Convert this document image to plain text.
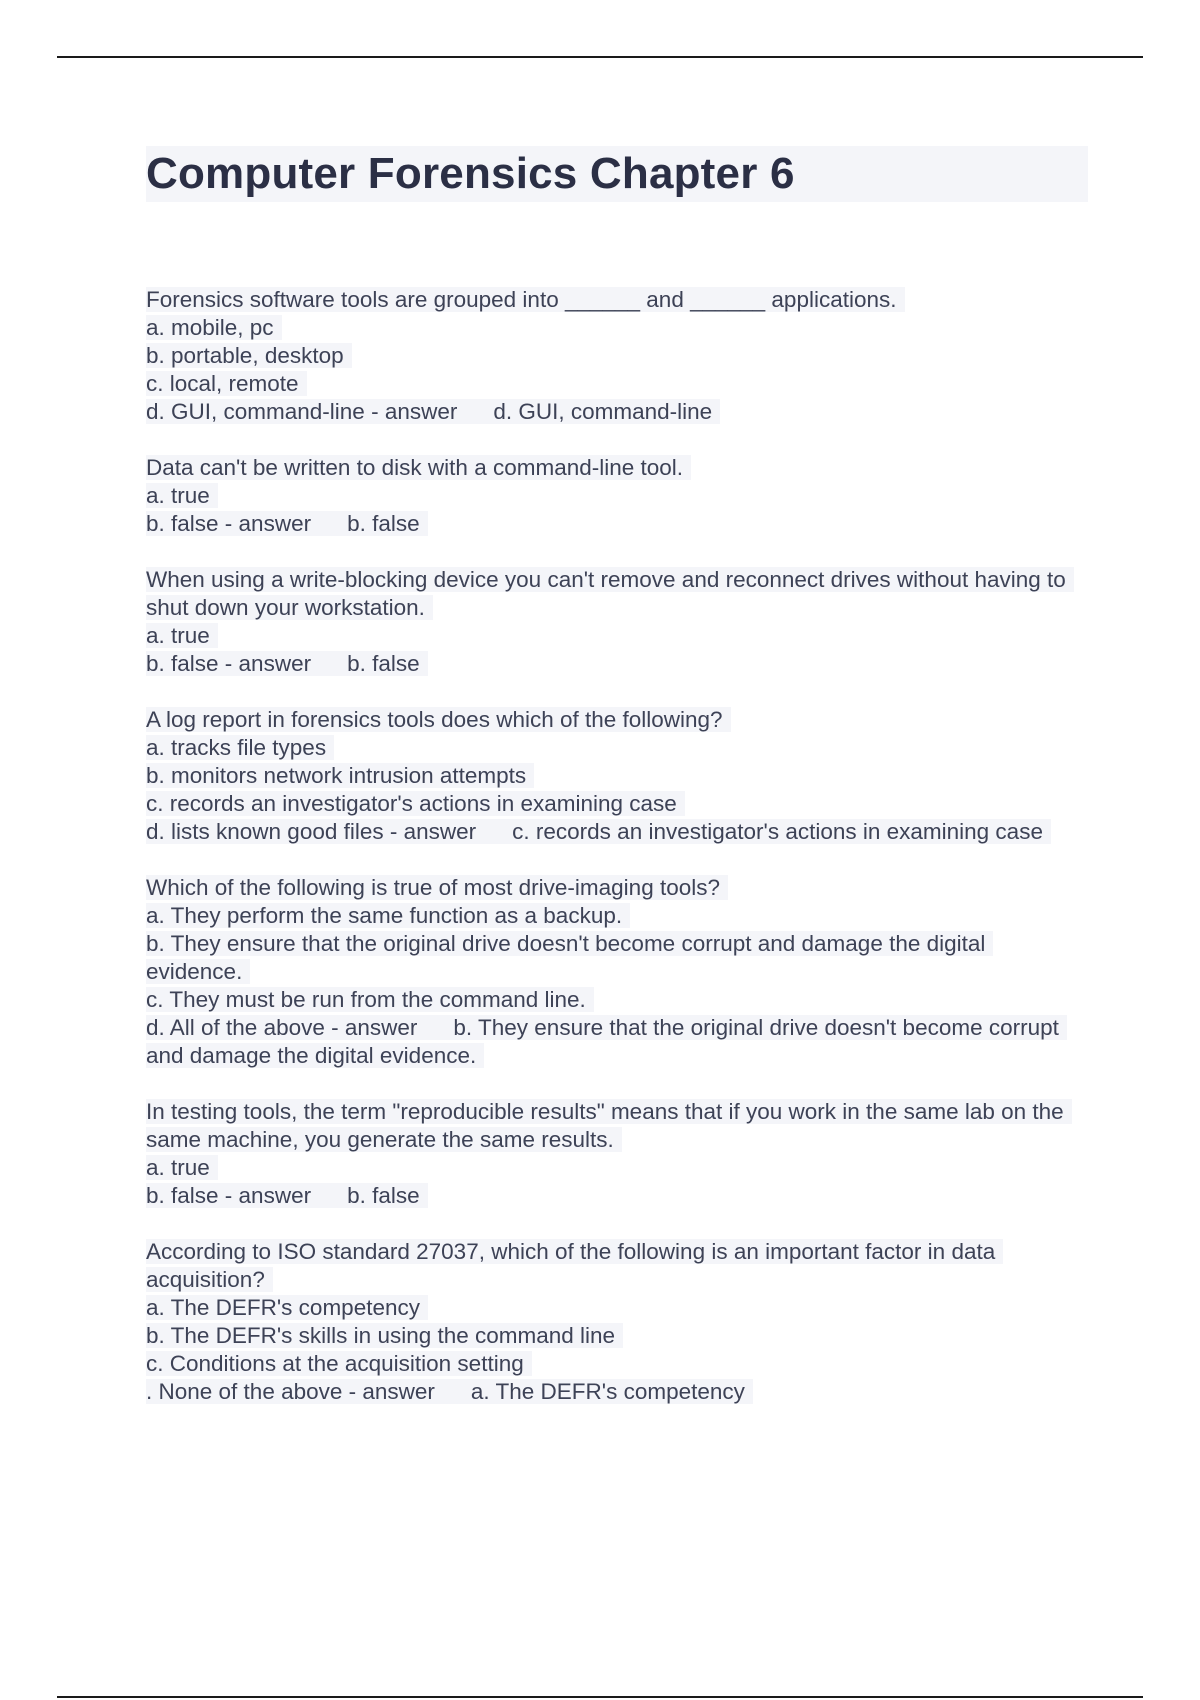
Computer Forensics Chapter 6
Forensics software tools are grouped into ______ and ______ applications.
a. mobile, pc
b. portable, desktop
c. local, remote
d. GUI, command-line - answer d. GUI, command-line
Data can't be written to disk with a command-line tool.
a. true
b. false - answer b. false
When using a write-blocking device you can't remove and reconnect drives without having to shut down your workstation.
a. true
b. false - answer b. false
A log report in forensics tools does which of the following?
a. tracks file types
b. monitors network intrusion attempts
c. records an investigator's actions in examining case
d. lists known good files - answer c. records an investigator's actions in examining case
Which of the following is true of most drive-imaging tools?
a. They perform the same function as a backup.
b. They ensure that the original drive doesn't become corrupt and damage the digital evidence.
c. They must be run from the command line.
d. All of the above - answer b. They ensure that the original drive doesn't become corrupt and damage the digital evidence.
In testing tools, the term "reproducible results" means that if you work in the same lab on the same machine, you generate the same results.
a. true
b. false - answer b. false
According to ISO standard 27037, which of the following is an important factor in data acquisition?
a. The DEFR's competency
b. The DEFR's skills in using the command line
c. Conditions at the acquisition setting
. None of the above - answer a. The DEFR's competency
